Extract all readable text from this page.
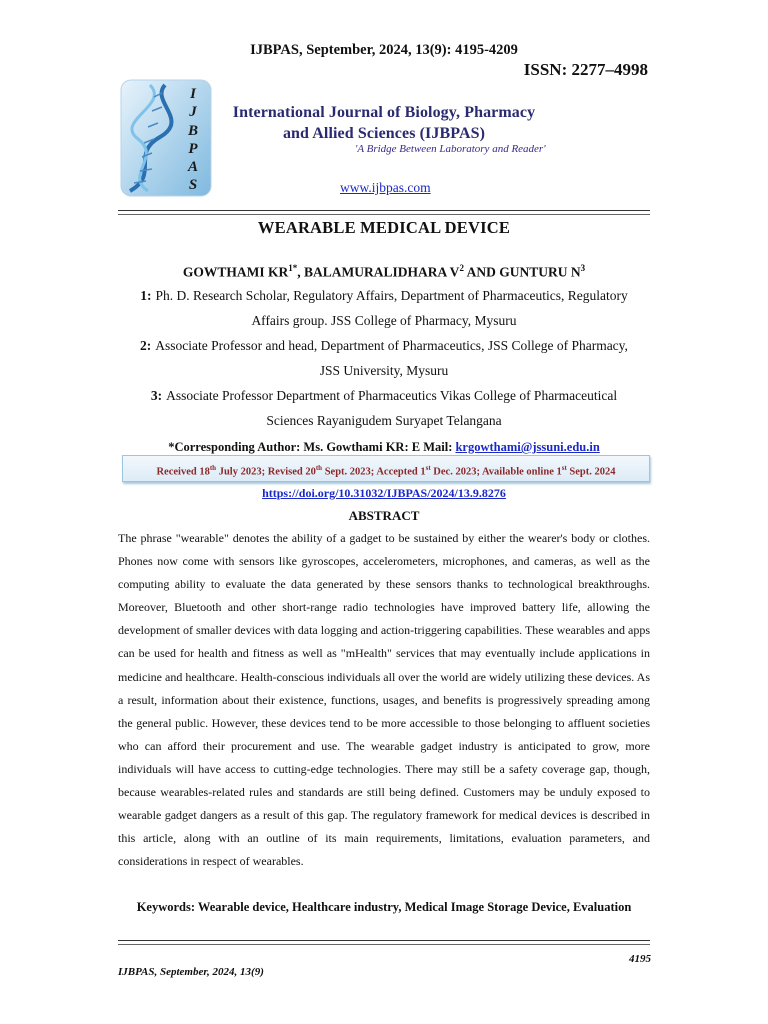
IJBPAS, September, 2024, 13(9): 4195-4209
ISSN: 2277–4998
I
J
B
P
A
S
International Journal of Biology, Pharmacy
and Allied Sciences (IJBPAS)
'A Bridge Between Laboratory and Reader'
www.ijbpas.com
WEARABLE MEDICAL DEVICE
GOWTHAMI $KR^{1*}$, BALAMURALIDHARA $V^2$ AND GUNTURU $N^3$
1: Ph. D. Research Scholar, Regulatory Affairs, Department of Pharmaceutics, Regulatory
Affairs group. JSS College of Pharmacy, Mysuru
2: Associate Professor and head, Department of Pharmaceutics, JSS College of Pharmacy,
JSS University, Mysuru
3: Associate Professor Department of Pharmaceutics Vikas College of Pharmaceutical
Sciences Rayanigudem Suryapet Telangana
*Corresponding Author: Ms. Gowthami KR: E Mail: krgowthami@jssuni.edu.in
Received 18th July 2023; Revised 20th Sept. 2023; Accepted 1st Dec. 2023; Available online 1st Sept. 2024
https://doi.org/10.31032/IJBPAS/2024/13.9.8276
ABSTRACT
The phrase "wearable" denotes the ability of a gadget to be sustained by either the wearer's body or clothes. Phones now come with sensors like gyroscopes, accelerometers, microphones, and cameras, as well as the computing ability to evaluate the data generated by these sensors thanks to technological breakthroughs. Moreover, Bluetooth and other short-range radio technologies have improved battery life, allowing the development of smaller devices with data logging and action-triggering capabilities. These wearables and apps can be used for health and fitness as well as "mHealth" services that may eventually include applications in medicine and healthcare. Health-conscious individuals all over the world are widely utilizing these devices. As a result, information about their existence, functions, usages, and benefits is progressively spreading among the general public. However, these devices tend to be more accessible to those belonging to affluent societies who can afford their procurement and use. The wearable gadget industry is anticipated to grow, more individuals will have access to cutting-edge technologies. There may still be a safety coverage gap, though, because wearables-related rules and standards are still being defined. Customers may be unduly exposed to wearable gadget dangers as a result of this gap. The regulatory framework for medical devices is described in this article, along with an outline of its main requirements, limitations, evaluation parameters, and considerations in respect of wearables.
Keywords: Wearable device, Healthcare industry, Medical Image Storage Device, Evaluation
4195
IJBPAS, September, 2024, 13(9)
